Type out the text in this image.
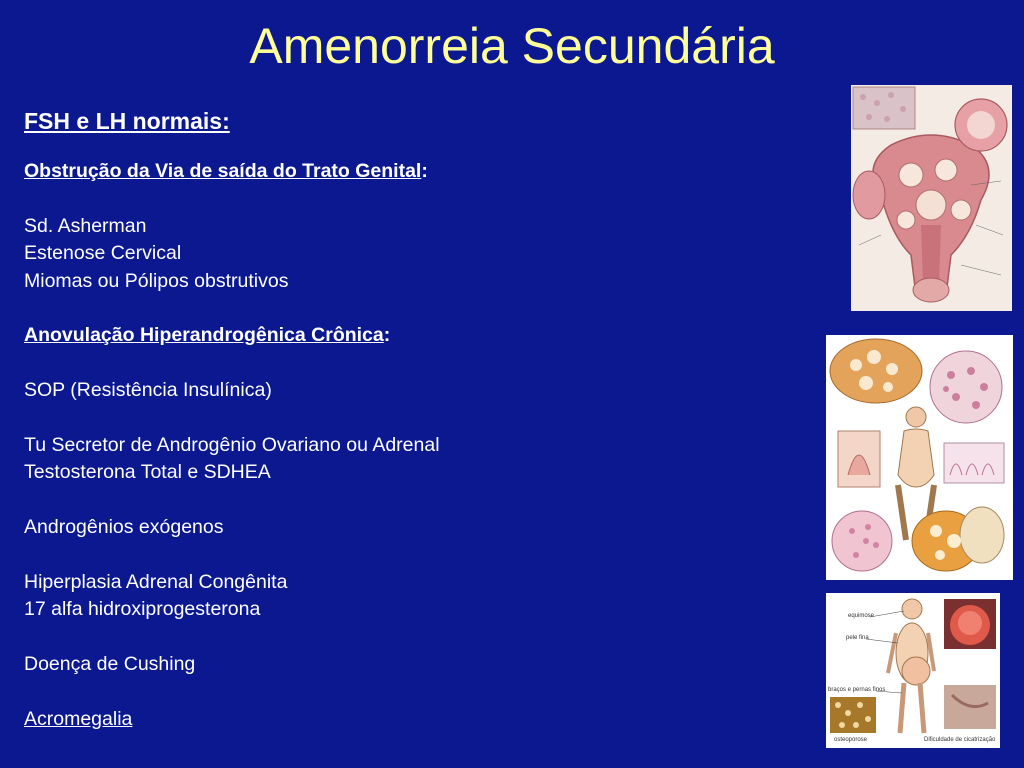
Amenorreia Secundária
FSH e LH normais:
Obstrução da Via de saída do Trato Genital:
Sd. Asherman
Estenose Cervical
Miomas ou Pólipos obstrutivos
Anovulação Hiperandrogênica Crônica:
SOP (Resistência Insulínica)
Tu Secretor de Androgênio Ovariano ou Adrenal
Testosterona Total e SDHEA
Androgênios exógenos
Hiperplasia Adrenal Congênita
17 alfa hidroxiprogesterona
Doença de Cushing
Acromegalia
equimose
pele fina
braços e pernas finos
osteoporose	Dificuldade de cicatrização
